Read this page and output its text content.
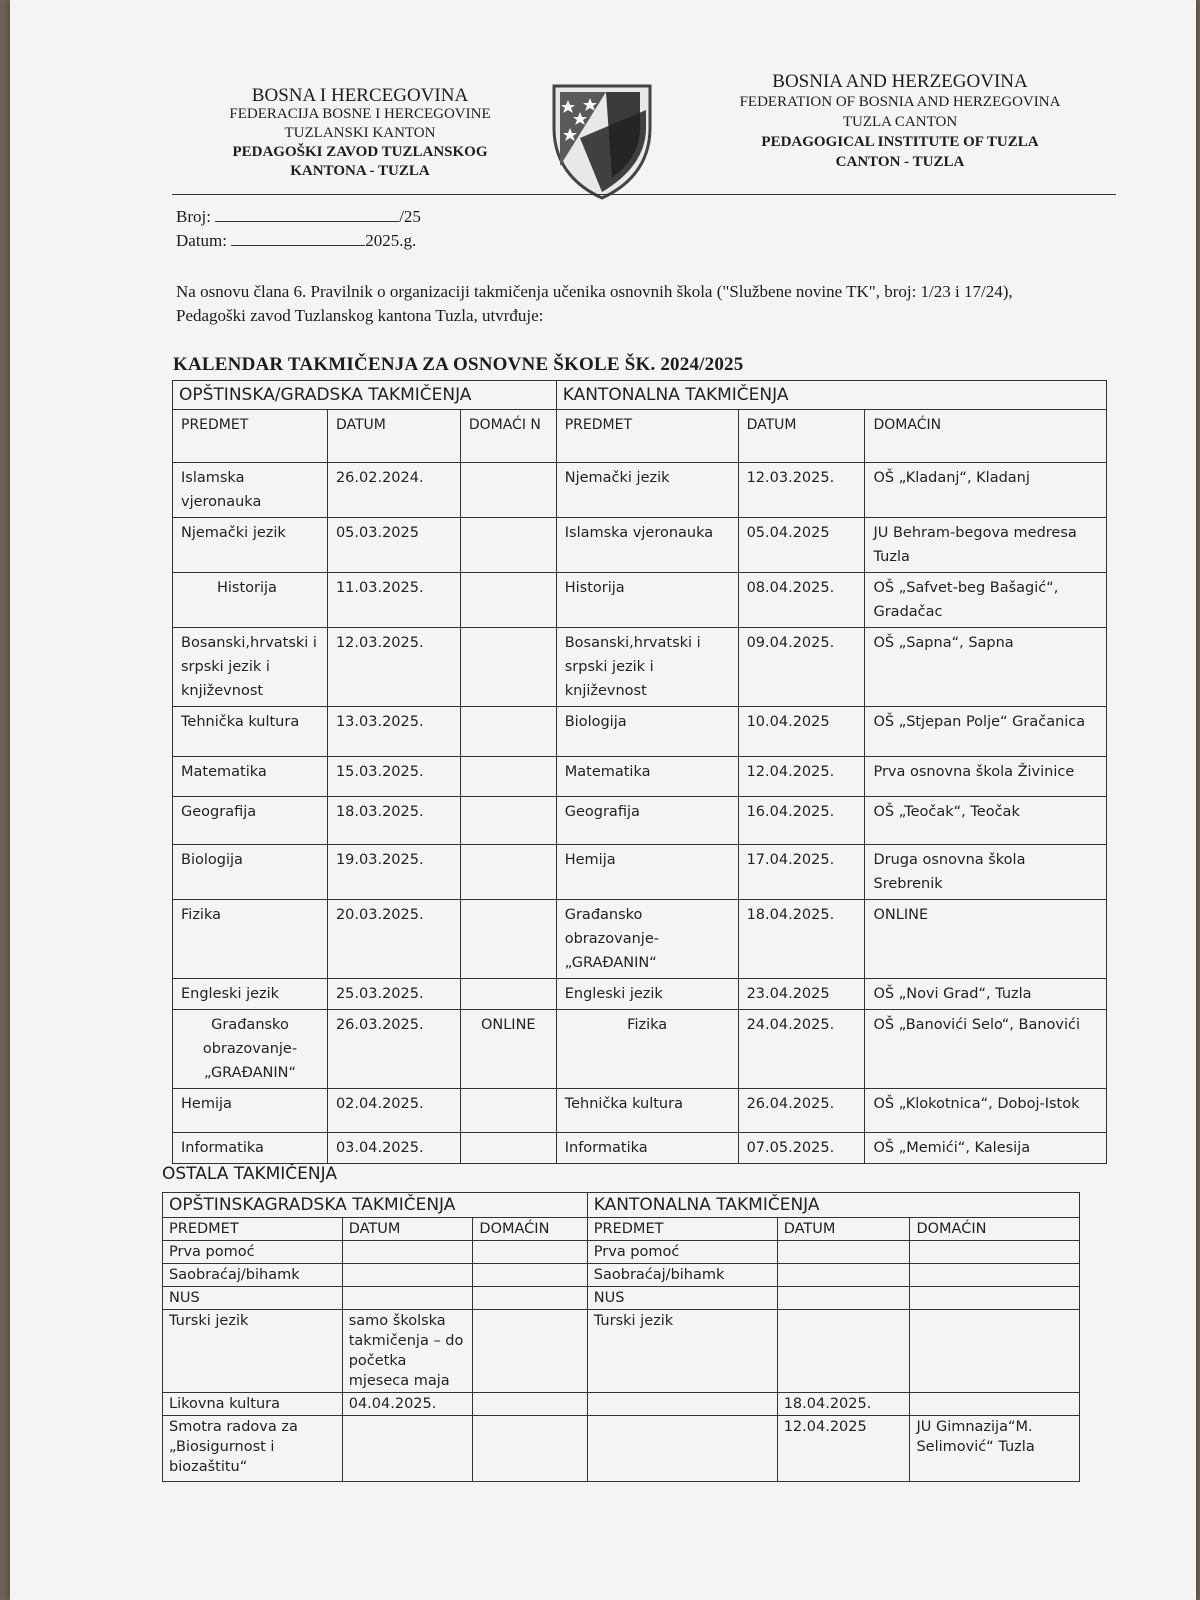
BOSNA I HERCEGOVINA
FEDERACIJA BOSNE I HERCEGOVINE
TUZLANSKI KANTON
PEDAGOŠKI ZAVOD TUZLANSKOG
KANTONA - TUZLA
BOSNIA AND HERZEGOVINA
FEDERATION OF BOSNIA AND HERZEGOVINA
TUZLA CANTON
PEDAGOGICAL INSTITUTE OF TUZLA
CANTON - TUZLA
Broj:	/25
Datum:	2025.g.
Na osnovu člana 6. Pravilnik o organizaciji takmičenja učenika osnovnih škola ("Službene novine TK", broj: 1/23 i 17/24), Pedagoški zavod Tuzlanskog kantona Tuzla, utvrđuje:
KALENDAR TAKMIČENJA ZA OSNOVNE ŠKOLE ŠK. 2024/2025
OPŠTINSKA/GRADSKA TAKMIČENJA			KANTONALNA TAKMIČENJA		
PREDMET	DATUM	DOMAĆI N	PREDMET	DATUM	DOMAĆIN
Islamska vjeronauka	26.02.2024.		Njemački jezik	12.03.2025.	OŠ „Kladanj“, Kladanj
Njemački jezik	05.03.2025		Islamska vjeronauka	05.04.2025	JU Behram-begova medresa Tuzla
Historija	11.03.2025.		Historija	08.04.2025.	OŠ „Safvet-beg Bašagić“, Gradačac
Bosanski,hrvatski i srpski jezik i književnost	12.03.2025.		Bosanski,hrvatski i srpski jezik i književnost	09.04.2025.	OŠ „Sapna“, Sapna
Tehnička kultura	13.03.2025.		Biologija	10.04.2025	OŠ „Stjepan Polje“ Gračanica
Matematika	15.03.2025.		Matematika	12.04.2025.	Prva osnovna škola Živinice
Geografija	18.03.2025.		Geografija	16.04.2025.	OŠ „Teočak“, Teočak
Biologija	19.03.2025.		Hemija	17.04.2025.	Druga osnovna škola Srebrenik
Fizika	20.03.2025.		Građansko obrazovanje- „GRAĐANIN“	18.04.2025.	ONLINE
Engleski jezik	25.03.2025.		Engleski jezik	23.04.2025	OŠ „Novi Grad“, Tuzla
Građansko obrazovanje- „GRAĐANIN“	26.03.2025.	ONLINE	Fizika	24.04.2025.	OŠ „Banovići Selo“, Banovići
Hemija	02.04.2025.		Tehnička kultura	26.04.2025.	OŠ „Klokotnica“, Doboj-Istok
Informatika	03.04.2025.		Informatika	07.05.2025.	OŠ „Memići“, Kalesija
OSTALA TAKMIČENJA
OPŠTINSKAGRADSKA TAKMIČENJA			KANTONALNA TAKMIČENJA		
PREDMET	DATUM	DOMAĆIN	PREDMET	DATUM	DOMAĆIN
Prva pomoć			Prva pomoć		
Saobraćaj/bihamk			Saobraćaj/bihamk		
NUS			NUS		
Turski jezik	samo školska takmičenja – do početka mjeseca maja		Turski jezik		
Likovna kultura	04.04.2025.			18.04.2025.	
Smotra radova za „Biosigurnost i biozaštitu“				12.04.2025	JU Gimnazija“M. Selimović“ Tuzla
